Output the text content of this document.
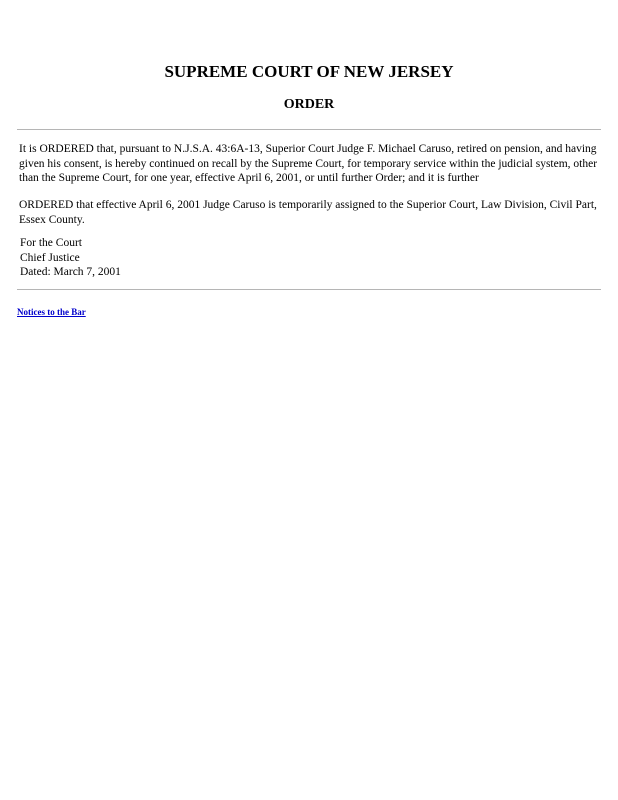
SUPREME COURT OF NEW JERSEY
ORDER
It is ORDERED that, pursuant to N.J.S.A. 43:6A-13, Superior Court Judge F. Michael Caruso, retired on pension, and having given his consent, is hereby continued on recall by the Supreme Court, for temporary service within the judicial system, other than the Supreme Court, for one year, effective April 6, 2001, or until further Order; and it is further
ORDERED that effective April 6, 2001 Judge Caruso is temporarily assigned to the Superior Court, Law Division, Civil Part, Essex County.
For the Court
Chief Justice
Dated: March 7, 2001
Notices to the Bar
